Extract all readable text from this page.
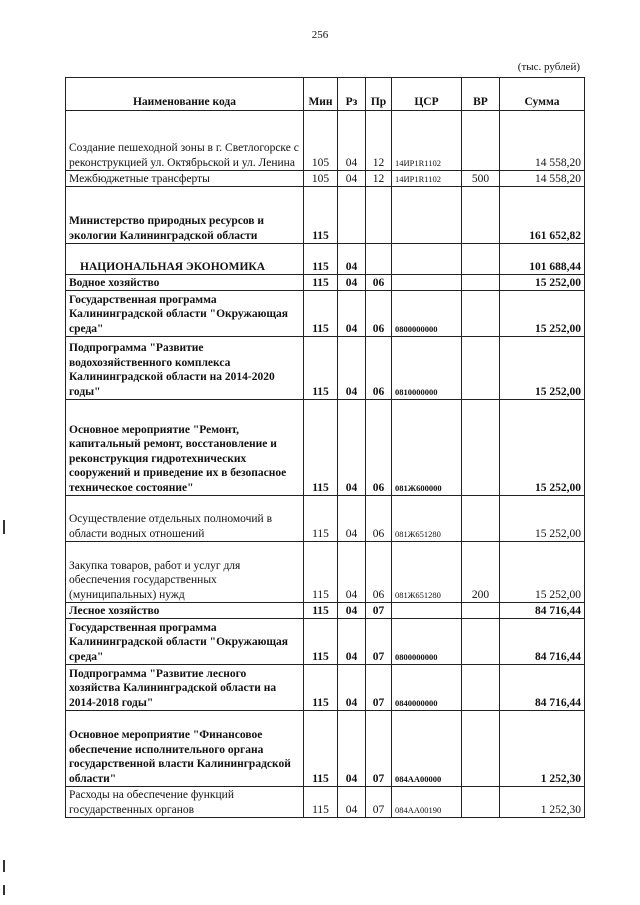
256
(тыс. рублей)
Наименование кода	Мин	Рз	Пр	ЦСР	ВР	Сумма
Создание пешеходной зоны в г. Светлогорске с реконструкцией ул. Октябрьской и ул. Ленина	105	04	12	14ИР1R1102		14 558,20
Межбюджетные трансферты	105	04	12	14ИР1R1102	500	14 558,20
Министерство природных ресурсов и экологии Калининградской области	115					161 652,82
НАЦИОНАЛЬНАЯ ЭКОНОМИКА	115	04				101 688,44
Водное хозяйство	115	04	06			15 252,00
Государственная программа Калининградской области "Окружающая среда"	115	04	06	0800000000		15 252,00
Подпрограмма "Развитие водохозяйственного комплекса Калининградской области на 2014-2020 годы"	115	04	06	0810000000		15 252,00
Основное мероприятие "Ремонт, капитальный ремонт, восстановление и реконструкция гидротехнических сооружений и приведение их в безопасное техническое состояние"	115	04	06	081Ж600000		15 252,00
Осуществление отдельных полномочий в области водных отношений	115	04	06	081Ж651280		15 252,00
Закупка товаров, работ и услуг для обеспечения государственных (муниципальных) нужд	115	04	06	081Ж651280	200	15 252,00
Лесное хозяйство	115	04	07			84 716,44
Государственная программа Калининградской области "Окружающая среда"	115	04	07	0800000000		84 716,44
Подпрограмма "Развитие лесного хозяйства Калининградской области на 2014-2018 годы"	115	04	07	0840000000		84 716,44
Основное мероприятие "Финансовое обеспечение исполнительного органа государственной власти Калининградской области"	115	04	07	084АА00000		1 252,30
Расходы на обеспечение функций государственных органов	115	04	07	084АА00190		1 252,30
